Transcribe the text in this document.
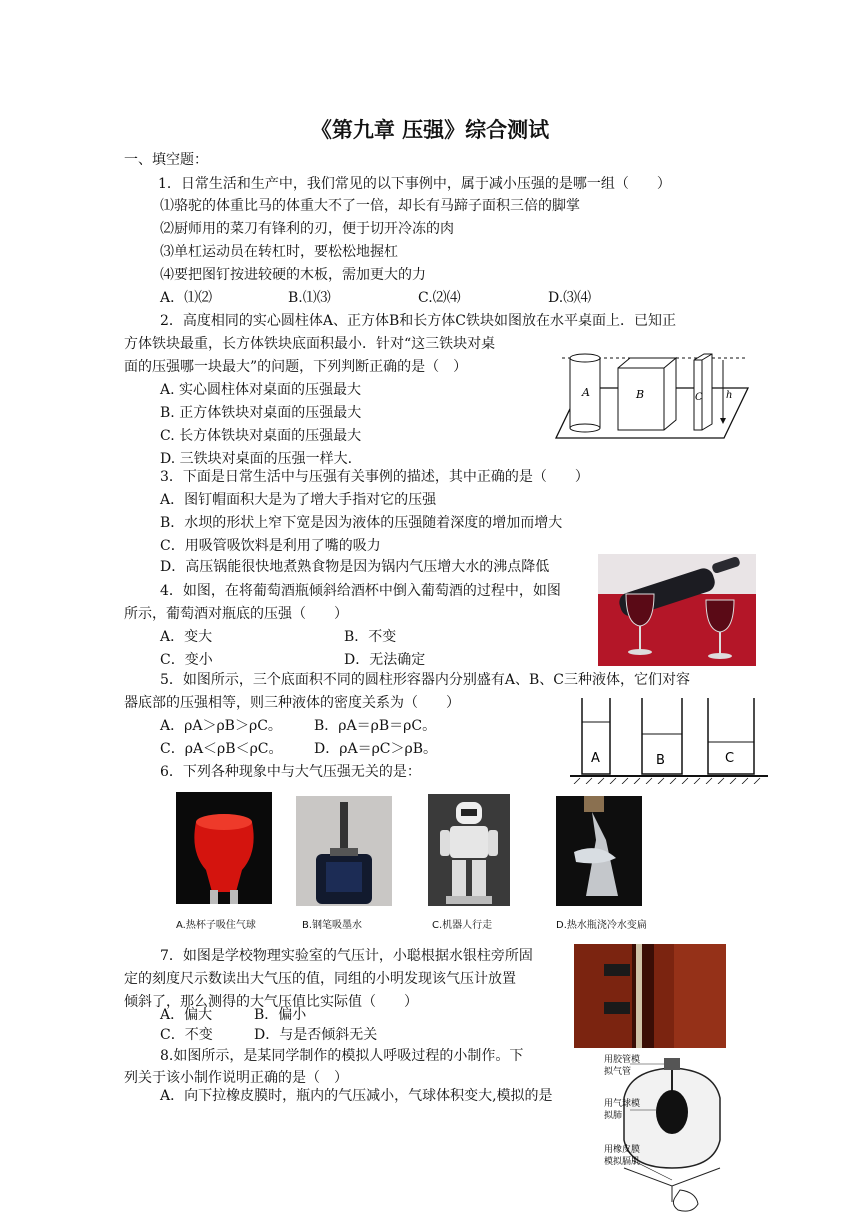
《第九章 压强》综合测试
一、填空题：
1．日常生活和生产中，我们常见的以下事例中，属于减小压强的是哪一组（　　）
⑴骆驼的体重比马的体重大不了一倍，却长有马蹄子面积三倍的脚掌
⑵厨师用的菜刀有锋利的刃，便于切开冷冻的肉
⑶单杠运动员在转杠时，要松松地握杠
⑷要把图钉按进较硬的木板，需加更大的力
A．⑴⑵	B.⑴⑶	C.⑵⑷	D.⑶⑷
2．高度相同的实心圆柱体A、正方体B和长方体C铁块如图放在水平桌面上．已知正
方体铁块最重，长方体铁块底面积最小．针对“这三铁块对桌
面的压强哪一块最大”的问题，下列判断正确的是（　）
A. 实心圆柱体对桌面的压强最大
B. 正方体铁块对桌面的压强最大
C. 长方体铁块对桌面的压强最大
D. 三铁块对桌面的压强一样大.
A	B	C h
3．下面是日常生活中与压强有关事例的描述，其中正确的是（　　）
A．图钉帽面积大是为了增大手指对它的压强
B．水坝的形状上窄下宽是因为液体的压强随着深度的增加而增大
C．用吸管吸饮料是利用了嘴的吸力
D．高压锅能很快地煮熟食物是因为锅内气压增大水的沸点降低
4．如图，在将葡萄酒瓶倾斜给酒杯中倒入葡萄酒的过程中，如图
所示，葡萄酒对瓶底的压强（　　）
A．变大	B．不变
C．变小	D．无法确定
5．如图所示，三个底面积不同的圆柱形容器内分别盛有A、B、C三种液体，它们对容
器底部的压强相等，则三种液体的密度关系为（　　）
A．ρA＞ρB＞ρC。 B．ρA＝ρB＝ρC。
C．ρA＜ρB＜ρC。 D．ρA＝ρC＞ρB。
A	B	C
6．下列各种现象中与大气压强无关的是：
A.热杯子吸住气球	B.钢笔吸墨水	C.机器人行走	D.热水瓶浇冷水变扁
7．如图是学校物理实验室的气压计，小聪根据水银柱旁所固
定的刻度尺示数读出大气压的值，同组的小明发现该气压计放置
倾斜了，那么测得的大气压值比实际值（　　）
A．偏大	B．偏小
C．不变	D．与是否倾斜无关
8.如图所示，是某同学制作的模拟人呼吸过程的小制作。下
列关于该小制作说明正确的是（　）
A．向下拉橡皮膜时，瓶内的气压减小，气球体积变大,模拟的是
用胶管模
拟气管
用气球模
拟肺
用橡皮膜
模拟膈肌
